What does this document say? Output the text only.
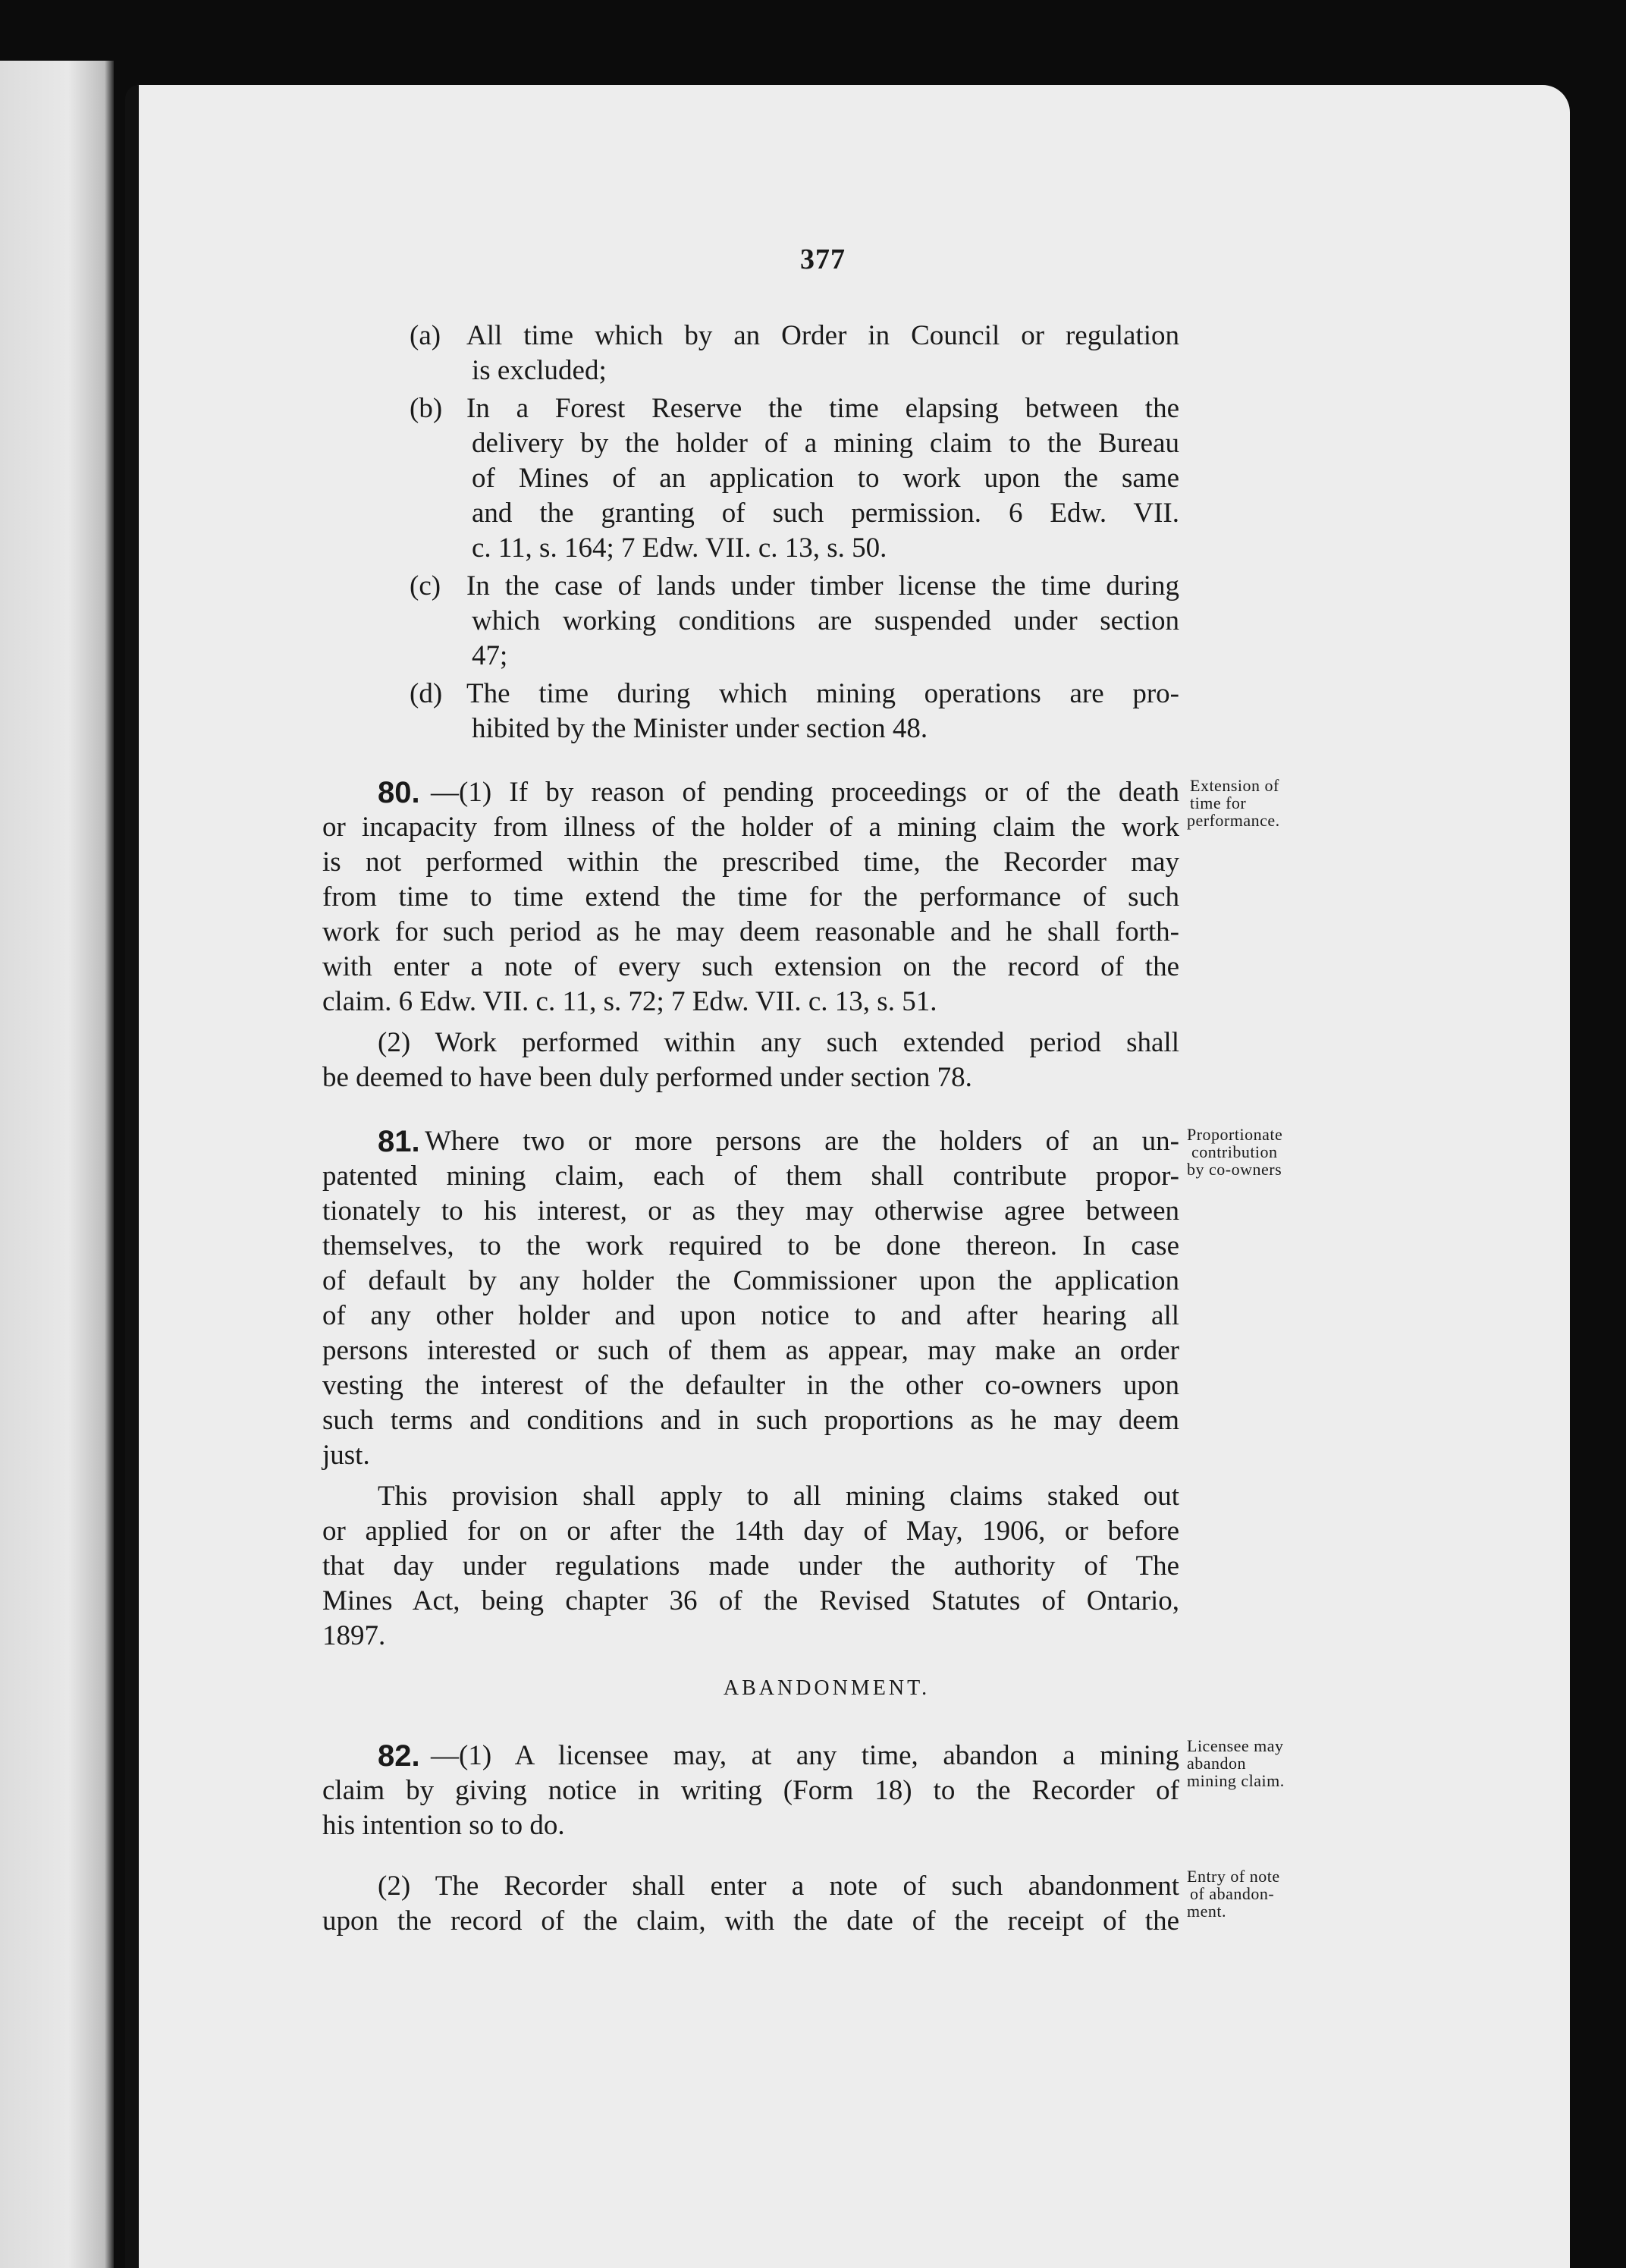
377
(a) All time which by an Order in Council or regulation
is excluded;
(b) In a Forest Reserve the time elapsing between the
delivery by the holder of a mining claim to the Bureau
of Mines of an application to work upon the same
and the granting of such permission. 6 Edw. VII.
c. 11, s. 164; 7 Edw. VII. c. 13, s. 50.
(c) In the case of lands under timber license the time during
which working conditions are suspended under section
47;
(d) The time during which mining operations are pro-
hibited by the Minister under section 48.
80. —(1) If by reason of pending proceedings or of the death
or incapacity from illness of the holder of a mining claim the work
is not performed within the prescribed time, the Recorder may
from time to time extend the time for the performance of such
work for such period as he may deem reasonable and he shall forth-
with enter a note of every such extension on the record of the
claim. 6 Edw. VII. c. 11, s. 72; 7 Edw. VII. c. 13, s. 51.
(2) Work performed within any such extended period shall
be deemed to have been duly performed under section 78.
Extension of
time for
performance.
81. Where two or more persons are the holders of an un-
patented mining claim, each of them shall contribute propor-
tionately to his interest, or as they may otherwise agree between
themselves, to the work required to be done thereon. In case
of default by any holder the Commissioner upon the application
of any other holder and upon notice to and after hearing all
persons interested or such of them as appear, may make an order
vesting the interest of the defaulter in the other co-owners upon
such terms and conditions and in such proportions as he may deem
just.
This provision shall apply to all mining claims staked out
or applied for on or after the 14th day of May, 1906, or before
that day under regulations made under the authority of The
Mines Act, being chapter 36 of the Revised Statutes of Ontario,
1897.
Proportionate
contribution
by co-owners
ABANDONMENT.
82. —(1) A licensee may, at any time, abandon a mining
claim by giving notice in writing (Form 18) to the Recorder of
his intention so to do.
(2) The Recorder shall enter a note of such abandonment
upon the record of the claim, with the date of the receipt of the
Licensee may
abandon
mining claim.
Entry of note
of abandon-
ment.
